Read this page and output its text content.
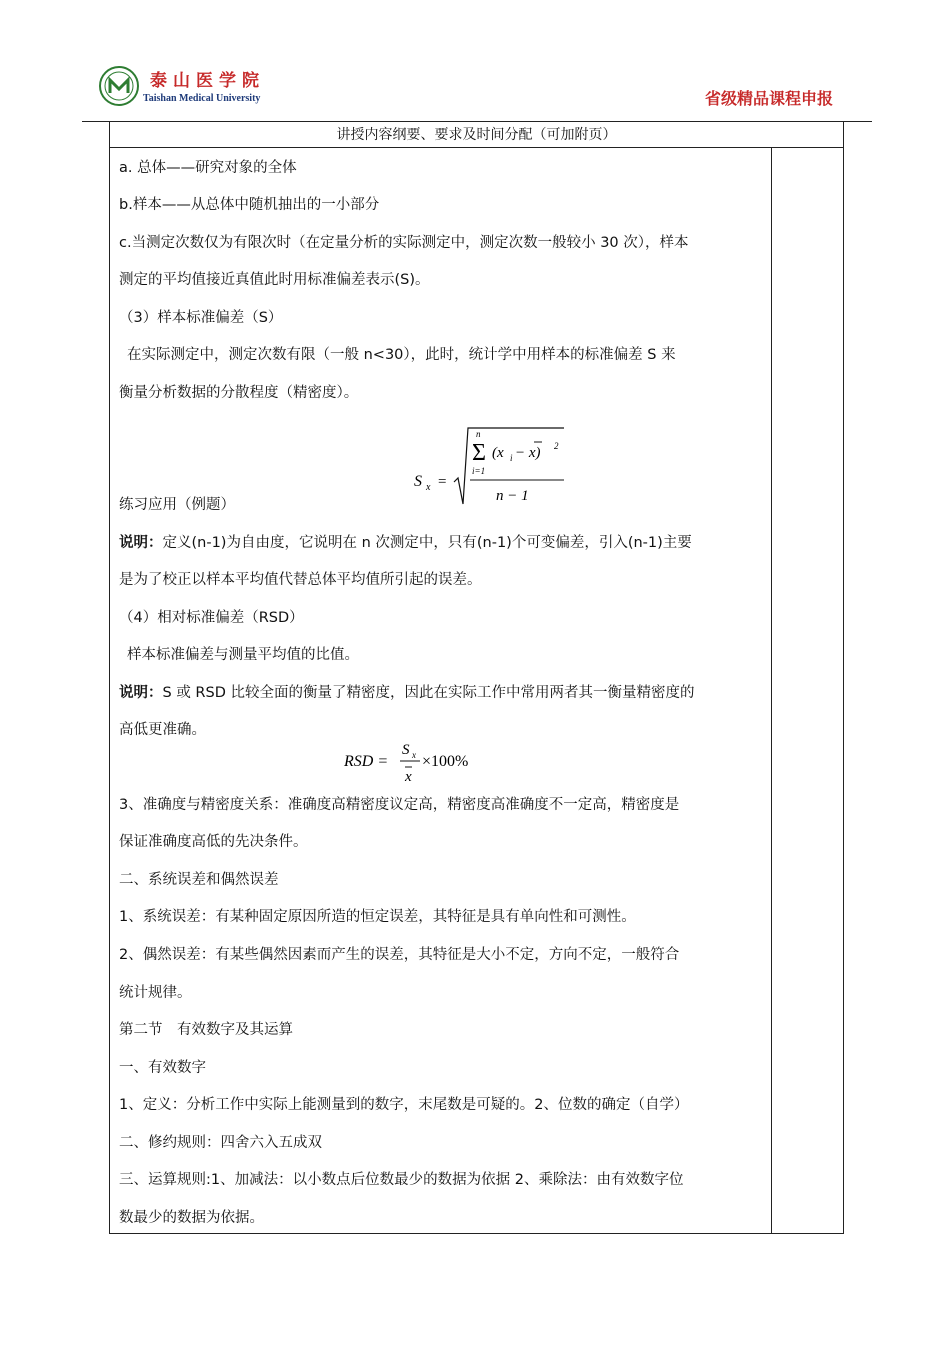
泰山医学院
Taishan Medical University	省级精品课程申报
讲授内容纲要、要求及时间分配（可加附页）
a. 总体——研究对象的全体
b.样本——从总体中随机抽出的一小部分
c.当测定次数仅为有限次时（在定量分析的实际测定中，测定次数一般较小 30 次），样本
测定的平均值接近真值此时用标准偏差表示(S)。
（3）样本标准偏差（S）
在实际测定中，测定次数有限（一般 n<30），此时，统计学中用样本的标准偏差 S 来
衡量分析数据的分散程度（精密度）。
S x =
Σ
n
i=1
(x i − x) 2
n − 1
练习应用（例题）
说明：定义(n-1)为自由度，它说明在 n 次测定中，只有(n-1)个可变偏差，引入(n-1)主要
是为了校正以样本平均值代替总体平均值所引起的误差。
（4）相对标准偏差（RSD）
样本标准偏差与测量平均值的比值。
说明：S 或 RSD 比较全面的衡量了精密度，因此在实际工作中常用两者其一衡量精密度的
高低更准确。
RSD =
S x
x
×100%
3、准确度与精密度关系：准确度高精密度议定高，精密度高准确度不一定高，精密度是
保证准确度高低的先决条件。
二、系统误差和偶然误差
1、系统误差：有某种固定原因所造的恒定误差，其特征是具有单向性和可测性。
2、偶然误差：有某些偶然因素而产生的误差，其特征是大小不定，方向不定，一般符合
统计规律。
第二节　有效数字及其运算
一、有效数字
1、定义：分析工作中实际上能测量到的数字，末尾数是可疑的。2、位数的确定（自学）
二、修约规则：四舍六入五成双
三、运算规则:1、加减法：以小数点后位数最少的数据为依据 2、乘除法：由有效数字位
数最少的数据为依据。
